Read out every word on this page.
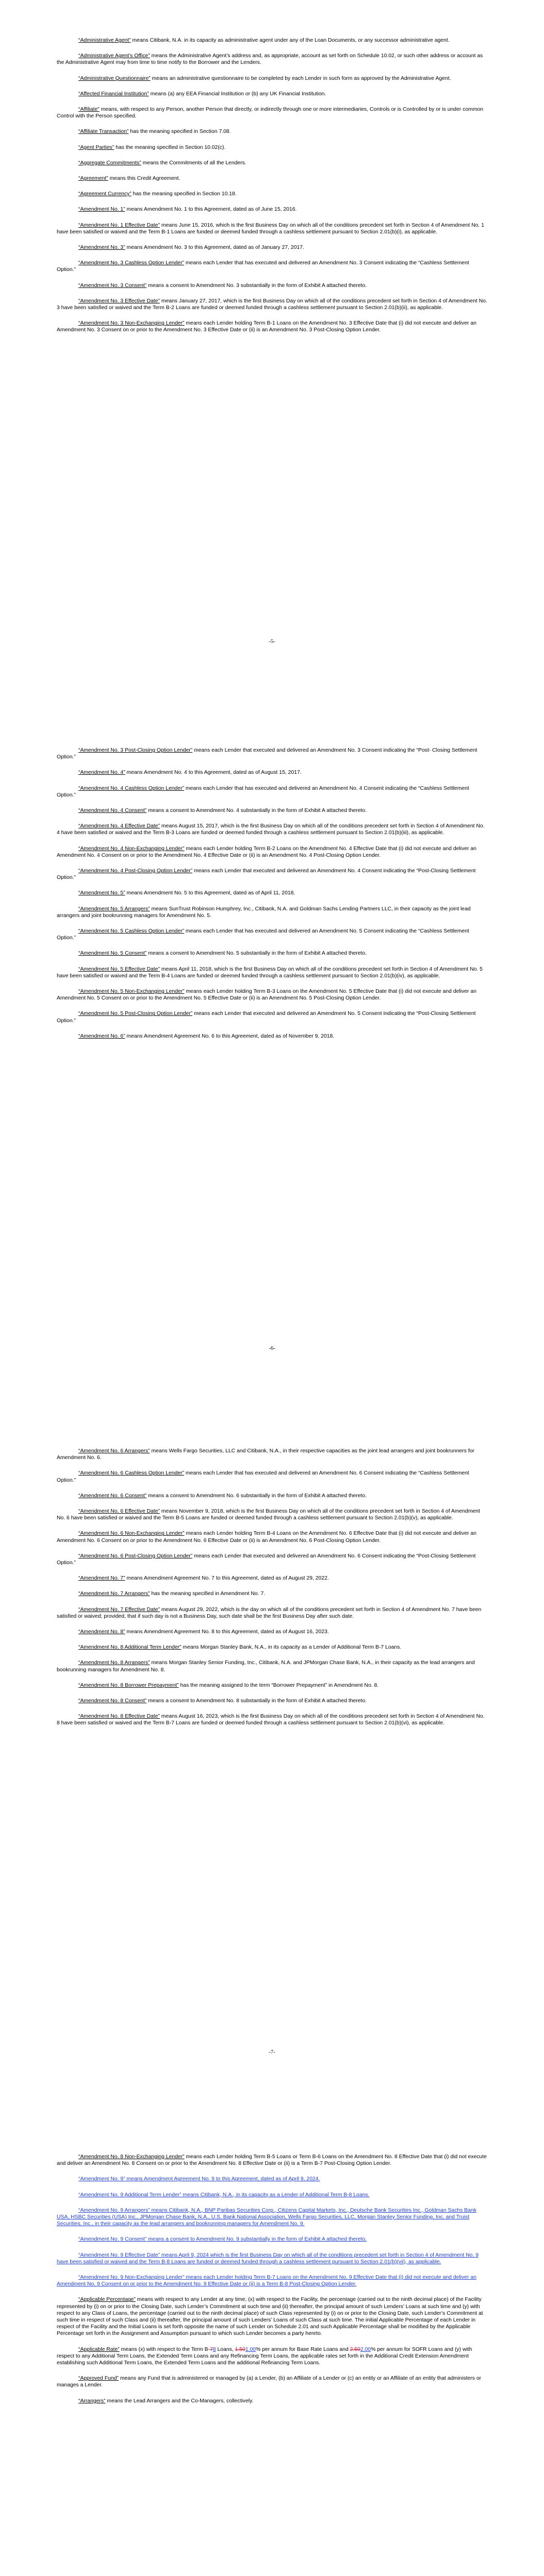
“Administrative Agent” means Citibank, N.A. in its capacity as administrative agent under any of the Loan Documents, or any successor administrative agent.

“Administrative Agent’s Office” means the Administrative Agent’s address and, as appropriate, account as set forth on Schedule 10.02, or such other address or account as the Administrative Agent may from time to time notify to the Borrower and the Lenders.

“Administrative Questionnaire” means an administrative questionnaire to be completed by each Lender in such form as approved by the Administrative Agent.

“Affected Financial Institution” means (a) any EEA Financial Institution or (b) any UK Financial Institution.

“Affiliate” means, with respect to any Person, another Person that directly, or indirectly through one or more intermediaries, Controls or is Controlled by or is under common Control with the Person specified.

“Affiliate Transaction” has the meaning specified in Section 7.08.

“Agent Parties” has the meaning specified in Section 10.02(c).

“Aggregate Commitments” means the Commitments of all the Lenders.

“Agreement” means this Credit Agreement.

“Agreement Currency” has the meaning specified in Section 10.18.

“Amendment No. 1” means Amendment No. 1 to this Agreement, dated as of June 15, 2016.

“Amendment No. 1 Effective Date” means June 15, 2016, which is the first Business Day on which all of the conditions precedent set forth in Section 4 of Amendment No. 1 have been satisfied or waived and the Term B-1 Loans are funded or deemed funded through a cashless settlement pursuant to Section 2.01(b)(i), as applicable.

“Amendment No. 3” means Amendment No. 3 to this Agreement, dated as of January 27, 2017.

“Amendment No. 3 Cashless Option Lender” means each Lender that has executed and delivered an Amendment No. 3 Consent indicating the “Cashless Settlement Option.”

“Amendment No. 3 Consent” means a consent to Amendment No. 3 substantially in the form of Exhibit A attached thereto.

“Amendment No. 3 Effective Date” means January 27, 2017, which is the first Business Day on which all of the conditions precedent set forth in Section 4 of Amendment No. 3 have been satisfied or waived and the Term B-2 Loans are funded or deemed funded through a cashless settlement pursuant to Section 2.01(b)(ii), as applicable.

“Amendment No. 3 Non-Exchanging Lender” means each Lender holding Term B-1 Loans on the Amendment No. 3 Effective Date that (i) did not execute and deliver an Amendment No. 3 Consent on or prior to the Amendment No. 3 Effective Date or (ii) is an Amendment No. 3 Post-Closing Option Lender.

-5-

“Amendment No. 3 Post-Closing Option Lender” means each Lender that executed and delivered an Amendment No. 3 Consent indicating the “Post- Closing Settlement Option.”

“Amendment No. 4” means Amendment No. 4 to this Agreement, dated as of August 15, 2017.

“Amendment No. 4 Cashless Option Lender” means each Lender that has executed and delivered an Amendment No. 4 Consent indicating the “Cashless Settlement Option.”

“Amendment No. 4 Consent” means a consent to Amendment No. 4 substantially in the form of Exhibit A attached thereto.

“Amendment No. 4 Effective Date” means August 15, 2017, which is the first Business Day on which all of the conditions precedent set forth in Section 4 of Amendment No. 4 have been satisfied or waived and the Term B-3 Loans are funded or deemed funded through a cashless settlement pursuant to Section 2.01(b)(iii), as applicable.

“Amendment No. 4 Non-Exchanging Lender” means each Lender holding Term B-2 Loans on the Amendment No. 4 Effective Date that (i) did not execute and deliver an Amendment No. 4 Consent on or prior to the Amendment No. 4 Effective Date or (ii) is an Amendment No. 4 Post-Closing Option Lender.

“Amendment No. 4 Post-Closing Option Lender” means each Lender that executed and delivered an Amendment No. 4 Consent indicating the “Post-Closing Settlement Option.”

“Amendment No. 5” means Amendment No. 5 to this Agreement, dated as of April 11, 2018.

“Amendment No. 5 Arrangers” means SunTrust Robinson Humphrey, Inc., Citibank, N.A. and Goldman Sachs Lending Partners LLC, in their capacity as the joint lead arrangers and joint bookrunning managers for Amendment No. 5.

“Amendment No. 5 Cashless Option Lender” means each Lender that has executed and delivered an Amendment No. 5 Consent indicating the “Cashless Settlement Option.”

“Amendment No. 5 Consent” means a consent to Amendment No. 5 substantially in the form of Exhibit A attached thereto.

“Amendment No. 5 Effective Date” means April 11, 2018, which is the first Business Day on which all of the conditions precedent set forth in Section 4 of Amendment No. 5 have been satisfied or waived and the Term B-4 Loans are funded or deemed funded through a cashless settlement pursuant to Section 2.01(b)(iv), as applicable.

“Amendment No. 5 Non-Exchanging Lender” means each Lender holding Term B-3 Loans on the Amendment No. 5 Effective Date that (i) did not execute and deliver an Amendment No. 5 Consent on or prior to the Amendment No. 5 Effective Date or (ii) is an Amendment No. 5 Post-Closing Option Lender.

“Amendment No. 5 Post-Closing Option Lender” means each Lender that executed and delivered an Amendment No. 5 Consent indicating the “Post-Closing Settlement Option.”

“Amendment No. 6” means Amendment Agreement No. 6 to this Agreement, dated as of November 9, 2018.

-6-

“Amendment No. 6 Arrangers” means Wells Fargo Securities, LLC and Citibank, N.A., in their respective capacities as the joint lead arrangers and joint bookrunners for Amendment No. 6.

“Amendment No. 6 Cashless Option Lender” means each Lender that has executed and delivered an Amendment No. 6 Consent indicating the “Cashless Settlement Option.”

“Amendment No. 6 Consent” means a consent to Amendment No. 6 substantially in the form of Exhibit A attached thereto.

“Amendment No. 6 Effective Date” means November 9, 2018, which is the first Business Day on which all of the conditions precedent set forth in Section 4 of Amendment No. 6 have been satisfied or waived and the Term B-5 Loans are funded or deemed funded through a cashless settlement pursuant to Section 2.01(b)(v), as applicable.

“Amendment No. 6 Non-Exchanging Lender” means each Lender holding Term B-4 Loans on the Amendment No. 6 Effective Date that (i) did not execute and deliver an Amendment No. 6 Consent on or prior to the Amendment No. 6 Effective Date or (ii) is an Amendment No. 6 Post-Closing Option Lender.

“Amendment No. 6 Post-Closing Option Lender” means each Lender that executed and delivered an Amendment No. 6 Consent indicating the “Post-Closing Settlement Option.”

“Amendment No. 7” means Amendment Agreement No. 7 to this Agreement, dated as of August 29, 2022.

“Amendment No. 7 Arrangers” has the meaning specified in Amendment No. 7.

“Amendment No. 7 Effective Date” means August 29, 2022, which is the day on which all of the conditions precedent set forth in Section 4 of Amendment No. 7 have been satisfied or waived; provided, that if such day is not a Business Day, such date shall be the first Business Day after such date.

“Amendment No. 8” means Amendment Agreement No. 8 to this Agreement, dated as of August 16, 2023.

“Amendment No. 8 Additional Term Lender” means Morgan Stanley Bank, N.A., in its capacity as a Lender of Additional Term B-7 Loans.

“Amendment No. 8 Arrangers” means Morgan Stanley Senior Funding, Inc., Citibank, N.A. and JPMorgan Chase Bank, N.A., in their capacity as the lead arrangers and bookrunning managers for Amendment No. 8.

“Amendment No. 8 Borrower Prepayment” has the meaning assigned to the term “Borrower Prepayment” in Amendment No. 8.

“Amendment No. 8 Consent” means a consent to Amendment No. 8 substantially in the form of Exhibit A attached thereto.

“Amendment No. 8 Effective Date” means August 16, 2023, which is the first Business Day on which all of the conditions precedent set forth in Section 4 of Amendment No. 8 have been satisfied or waived and the Term B-7 Loans are funded or deemed funded through a cashless settlement pursuant to Section 2.01(b)(vi), as applicable.

-7-

“Amendment No. 8 Non-Exchanging Lender” means each Lender holding Term B-5 Loans or Term B-6 Loans on the Amendment No. 8 Effective Date that (i) did not execute and deliver an Amendment No. 8 Consent on or prior to the Amendment No. 8 Effective Date or (ii) is a Term B-7 Post-Closing Option Lender.

“Amendment No. 9” means Amendment Agreement No. 9 to this Agreement, dated as of April 9, 2024.

“Amendment No. 9 Additional Term Lender” means Citibank, N.A., in its capacity as a Lender of Additional Term B-8 Loans.

“Amendment No. 9 Arrangers” means Citibank, N.A., BNP Paribas Securities Corp., Citizens Capital Markets, Inc., Deutsche Bank Securities Inc., Goldman Sachs Bank USA, HSBC Securities (USA) Inc., JPMorgan Chase Bank, N.A., U.S. Bank National Association, Wells Fargo Securities, LLC, Morgan Stanley Senior Funding, Inc. and Truist Securities, Inc., in their capacity as the lead arrangers and bookrunning managers for Amendment No. 9.

“Amendment No. 9 Consent” means a consent to Amendment No. 9 substantially in the form of Exhibit A attached thereto.

“Amendment No. 9 Effective Date” means April 9, 2024 which is the first Business Day on which all of the conditions precedent set forth in Section 4 of Amendment No. 9 have been satisfied or waived and the Term B-8 Loans are funded or deemed funded through a cashless settlement pursuant to Section 2.01(b)(vii), as applicable.

“Amendment No. 9 Non-Exchanging Lender” means each Lender holding Term B-7 Loans on the Amendment No. 9 Effective Date that (i) did not execute and deliver an Amendment No. 9 Consent on or prior to the Amendment No. 9 Effective Date or (ii) is a Term B-8 Post-Closing Option Lender.

“Applicable Percentage” means with respect to any Lender at any time, (x) with respect to the Facility, the percentage (carried out to the ninth decimal place) of the Facility represented by (i) on or prior to the Closing Date, such Lender’s Commitment at such time and (ii) thereafter, the principal amount of such Lenders’ Loans at such time and (y) with respect to any Class of Loans, the percentage (carried out to the ninth decimal place) of such Class represented by (i) on or prior to the Closing Date, such Lender’s Commitment at such time in respect of such Class and (ii) thereafter, the principal amount of such Lenders’ Loans of such Class at such time. The initial Applicable Percentage of each Lender in respect of the Facility and the Initial Loans is set forth opposite the name of such Lender on Schedule 2.01 and such Applicable Percentage shall be modified by the Applicable Percentage set forth in the Assignment and Assumption pursuant to which such Lender becomes a party hereto.

“Applicable Rate” means (x) with respect to the Term B-78 Loans, 1.501.00% per annum for Base Rate Loans and 2.502.00% per annum for SOFR Loans and (y) with respect to any Additional Term Loans, the Extended Term Loans and any Refinancing Term Loans, the applicable rates set forth in the Additional Credit Extension Amendment establishing such Additional Term Loans, the Extended Term Loans and the additional Refinancing Term Loans.

“Approved Fund” means any Fund that is administered or managed by (a) a Lender, (b) an Affiliate of a Lender or (c) an entity or an Affiliate of an entity that administers or manages a Lender.

“Arrangers” means the Lead Arrangers and the Co-Managers, collectively.
